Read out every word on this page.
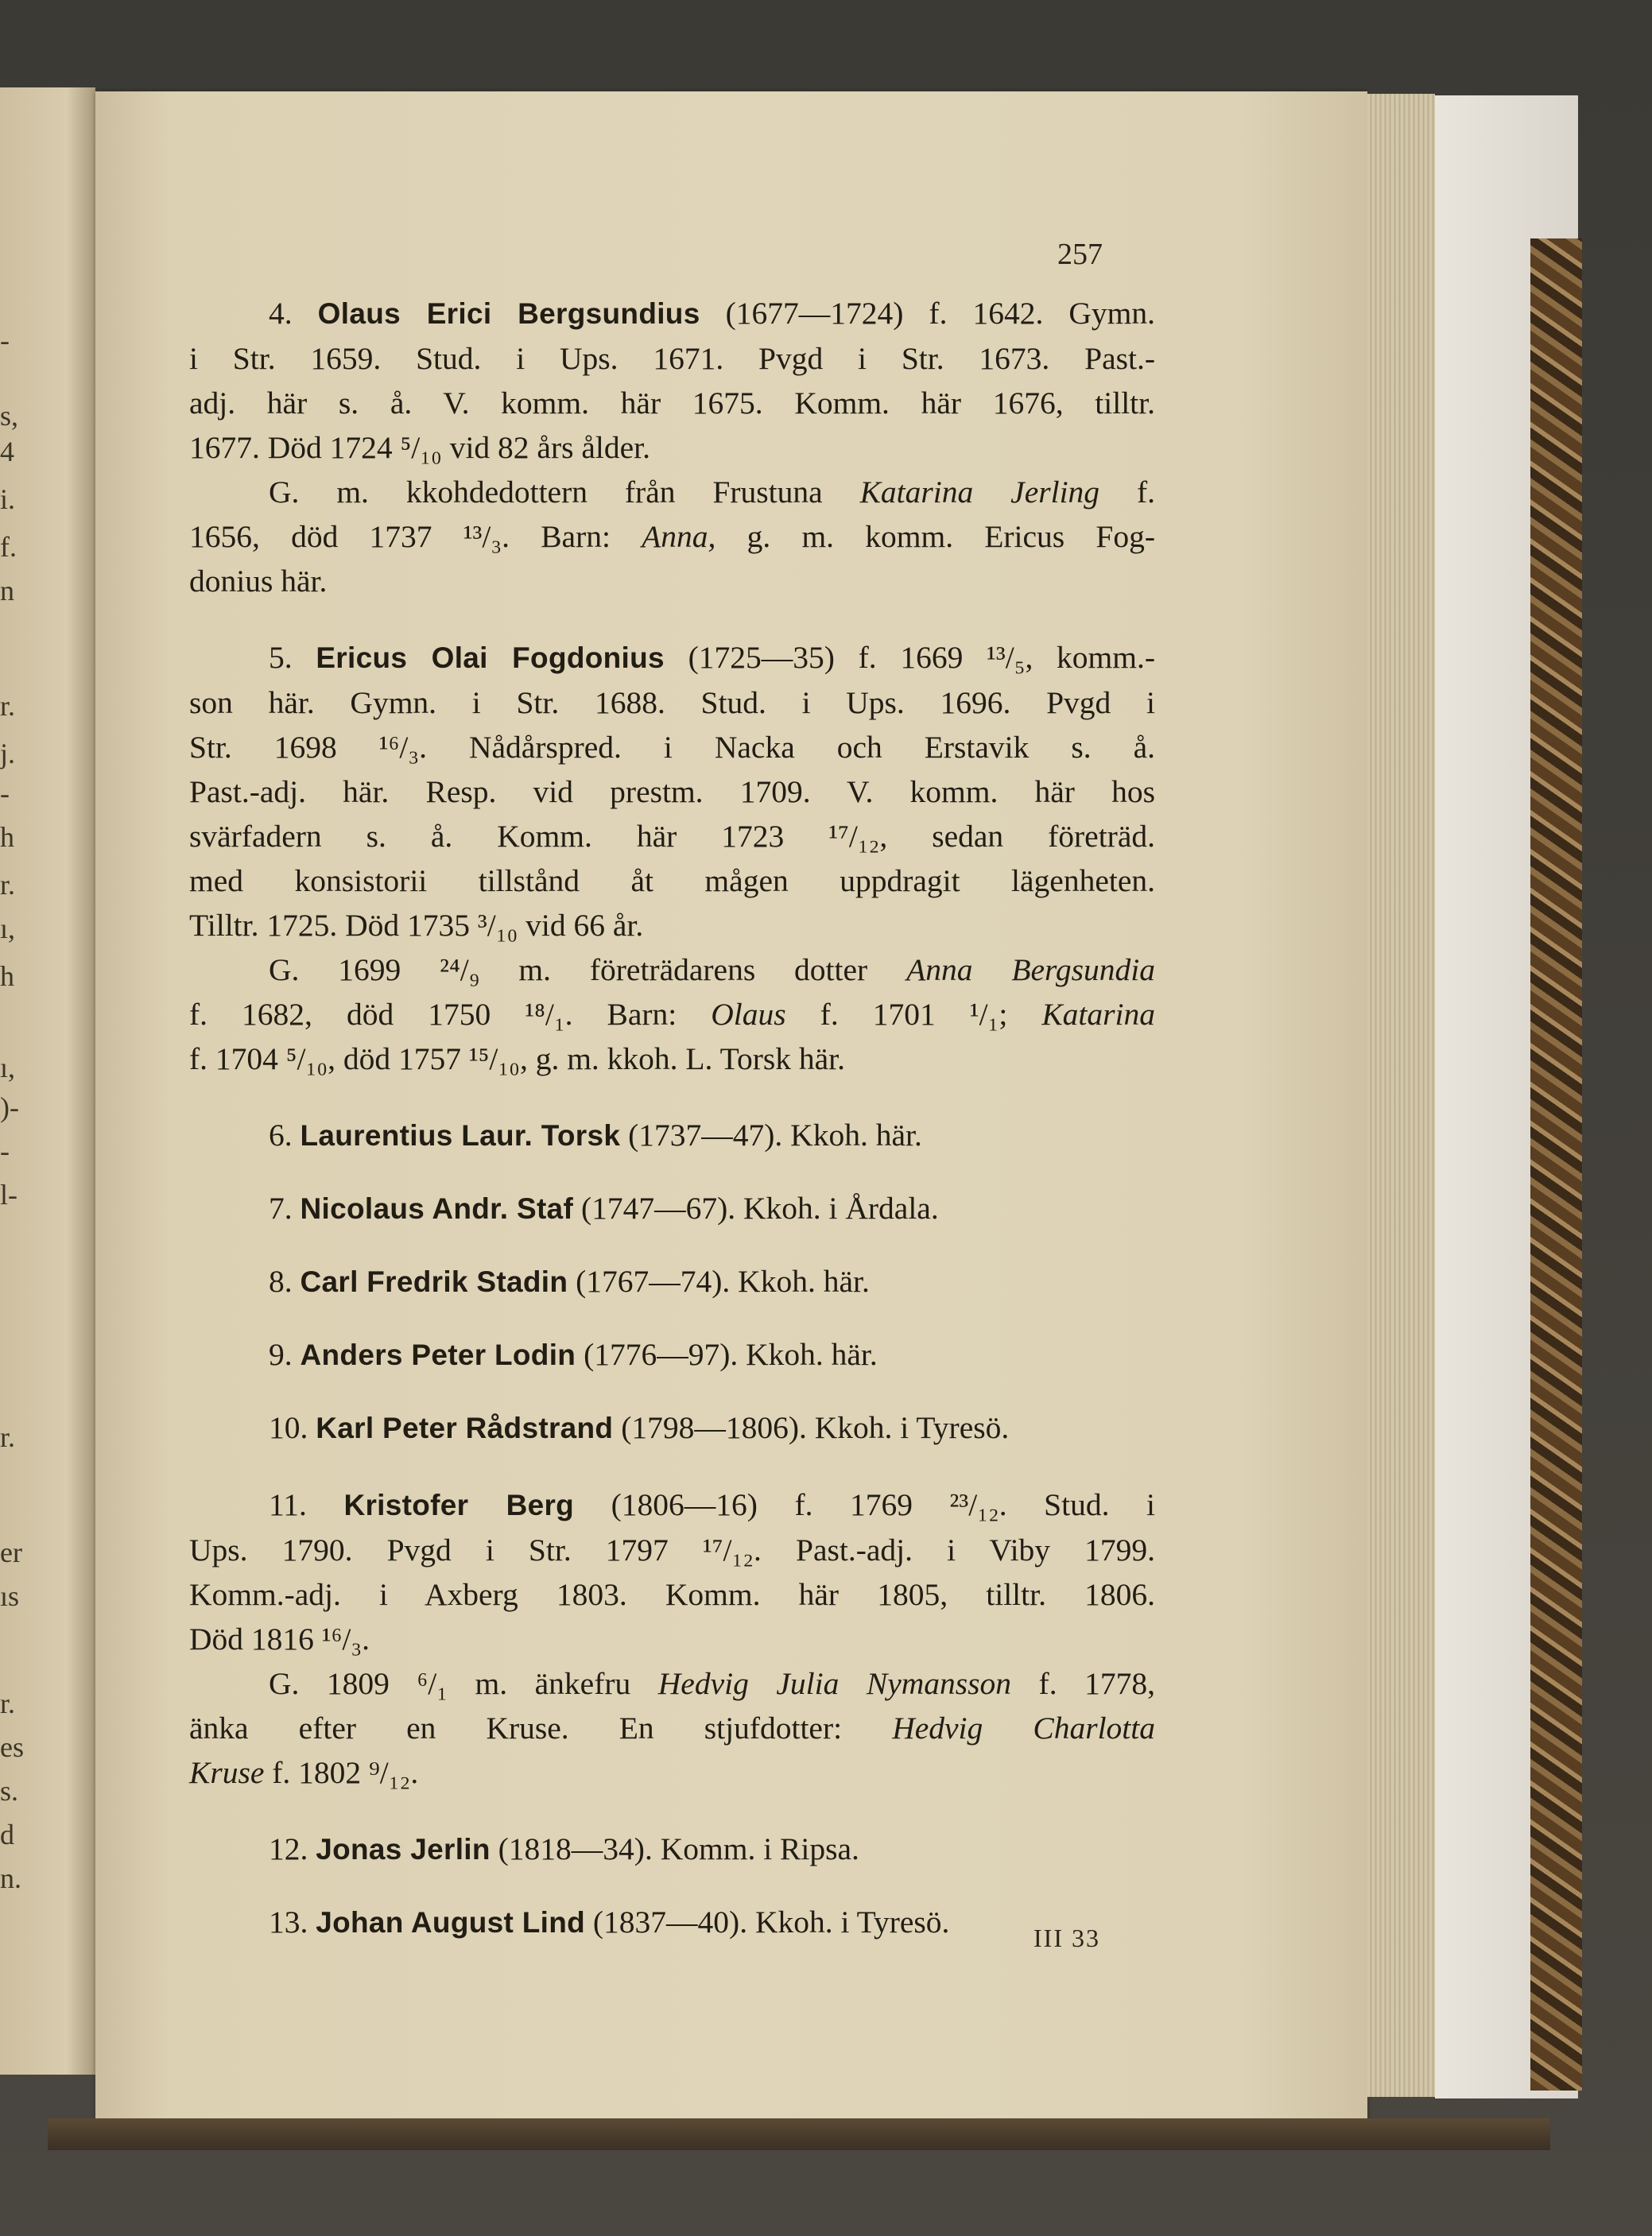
-
s,
4
i.
f.
n
r.
j.
-
h
r.
ı,
h
ı,
)-
-
l-
r.
er
ıs
r.
es
s.
d
n.
257
4. Olaus Erici Bergsundius (1677—1724) f. 1642. Gymn.
i Str. 1659. Stud. i Ups. 1671. Pvgd i Str. 1673. Past.-
adj. här s. å. V. komm. här 1675. Komm. här 1676, tilltr.
1677. Död 1724 ⁵/₁₀ vid 82 års ålder.
G. m. kkohdedottern från Frustuna Katarina Jerling f.
1656, död 1737 ¹³/₃. Barn: Anna, g. m. komm. Ericus Fog-
donius här.
5. Ericus Olai Fogdonius (1725—35) f. 1669 ¹³/₅, komm.-
son här. Gymn. i Str. 1688. Stud. i Ups. 1696. Pvgd i
Str. 1698 ¹⁶/₃. Nådårspred. i Nacka och Erstavik s. å.
Past.-adj. här. Resp. vid prestm. 1709. V. komm. här hos
svärfadern s. å. Komm. här 1723 ¹⁷/₁₂, sedan företräd.
med konsistorii tillstånd åt mågen uppdragit lägenheten.
Tilltr. 1725. Död 1735 ³/₁₀ vid 66 år.
G. 1699 ²⁴/₉ m. företrädarens dotter Anna Bergsundia
f. 1682, död 1750 ¹⁸/₁. Barn: Olaus f. 1701 ¹/₁; Katarina
f. 1704 ⁵/₁₀, död 1757 ¹⁵/₁₀, g. m. kkoh. L. Torsk här.
6. Laurentius Laur. Torsk (1737—47). Kkoh. här.
7. Nicolaus Andr. Staf (1747—67). Kkoh. i Årdala.
8. Carl Fredrik Stadin (1767—74). Kkoh. här.
9. Anders Peter Lodin (1776—97). Kkoh. här.
10. Karl Peter Rådstrand (1798—1806). Kkoh. i Tyresö.
11. Kristofer Berg (1806—16) f. 1769 ²³/₁₂. Stud. i
Ups. 1790. Pvgd i Str. 1797 ¹⁷/₁₂. Past.-adj. i Viby 1799.
Komm.-adj. i Axberg 1803. Komm. här 1805, tilltr. 1806.
Död 1816 ¹⁶/₃.
G. 1809 ⁶/₁ m. änkefru Hedvig Julia Nymansson f. 1778,
änka efter en Kruse. En stjufdotter: Hedvig Charlotta
Kruse f. 1802 ⁹/₁₂.
12. Jonas Jerlin (1818—34). Komm. i Ripsa.
13. Johan August Lind (1837—40). Kkoh. i Tyresö.	III 33
